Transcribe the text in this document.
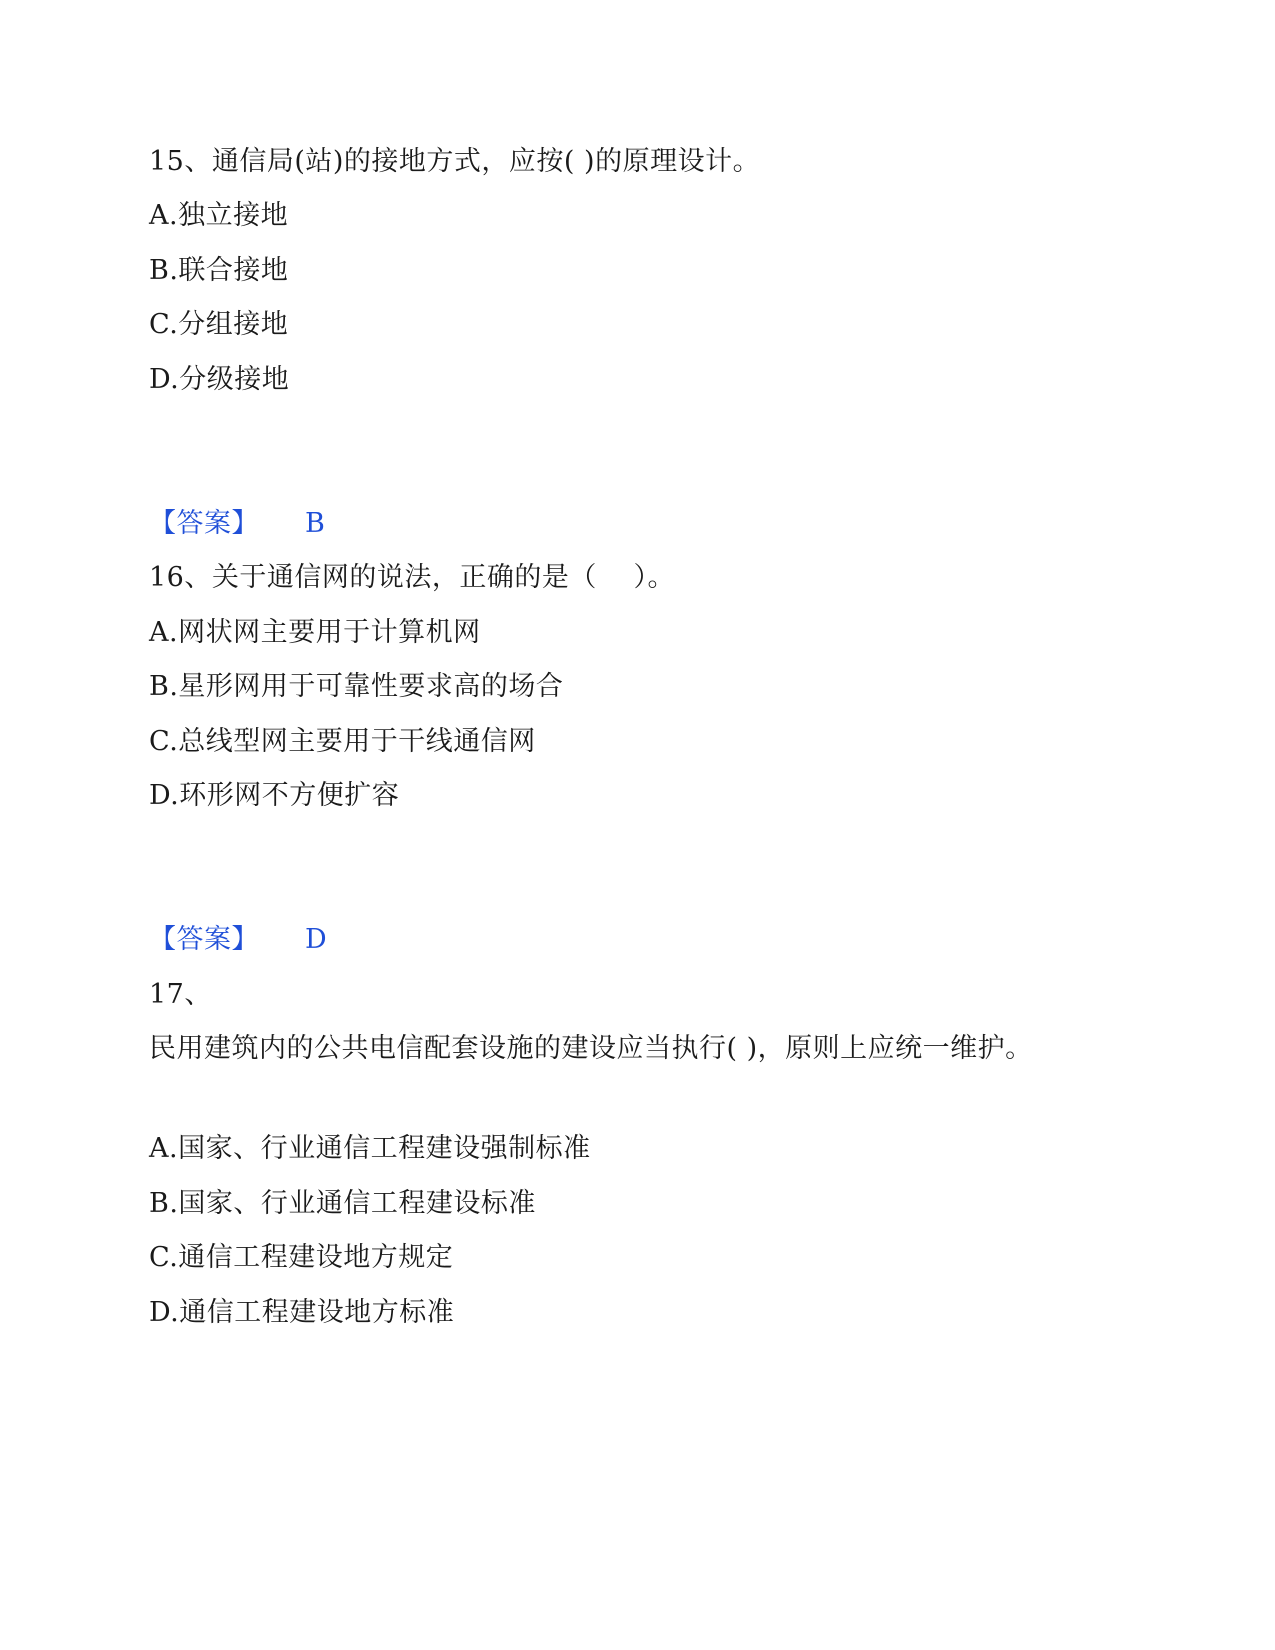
15、通信局(站)的接地方式，应按( )的原理设计。
A.独立接地
B.联合接地
C.分组接地
D.分级接地
【答案】 B
16、关于通信网的说法，正确的是（　 ）。
A.网状网主要用于计算机网
B.星形网用于可靠性要求高的场合
C.总线型网主要用于干线通信网
D.环形网不方便扩容
【答案】 D
17、
民用建筑内的公共电信配套设施的建设应当执行( )，原则上应统一维护。
A.国家、行业通信工程建设强制标准
B.国家、行业通信工程建设标准
C.通信工程建设地方规定
D.通信工程建设地方标准
